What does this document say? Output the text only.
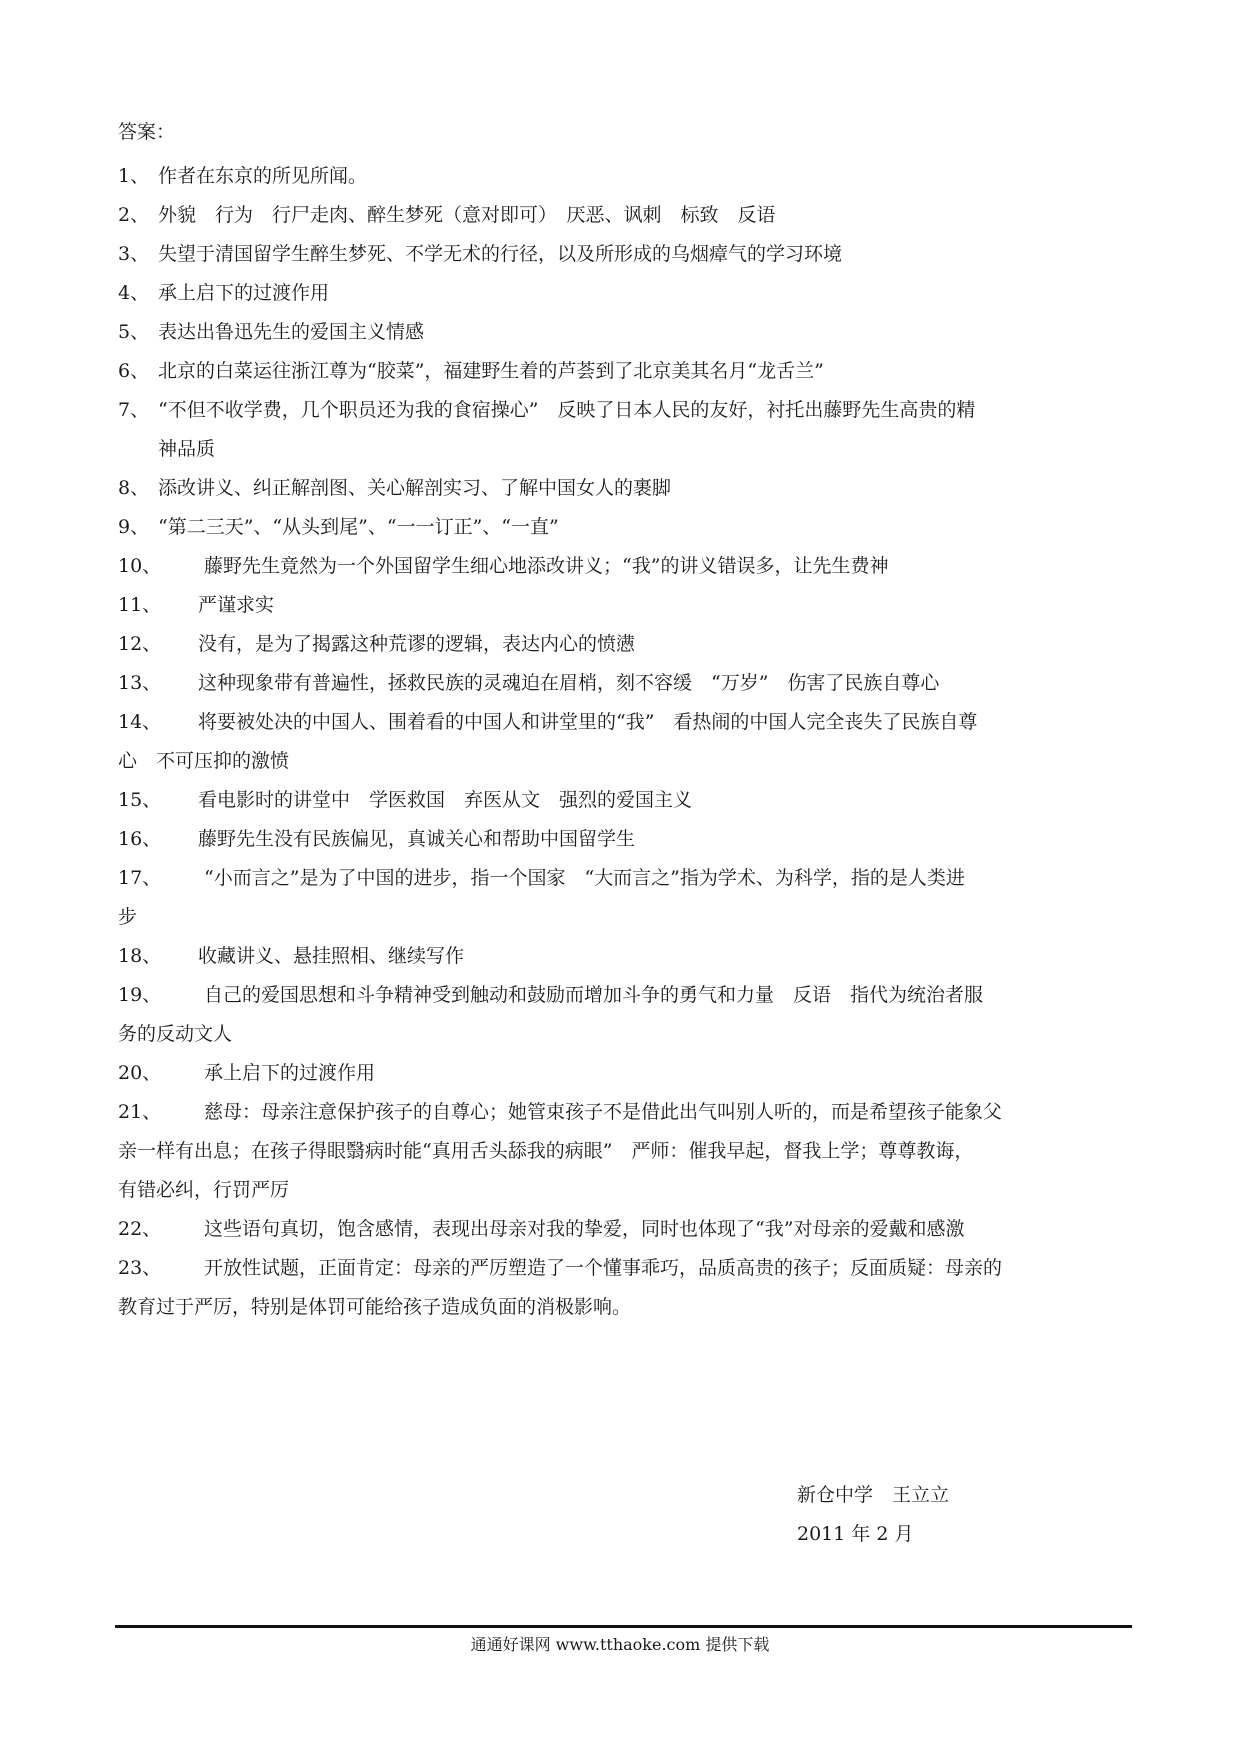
答案：
1、 作者在东京的所见所闻。
2、 外貌　行为　行尸走肉、醉生梦死（意对即可）　厌恶、讽刺　标致　反语
3、 失望于清国留学生醉生梦死、不学无术的行径，以及所形成的乌烟瘴气的学习环境
4、 承上启下的过渡作用
5、 表达出鲁迅先生的爱国主义情感
6、 北京的白菜运往浙江尊为“胶菜”，福建野生着的芦荟到了北京美其名月“龙舌兰”
7、 “不但不收学费，几个职员还为我的食宿操心”　反映了日本人民的友好，衬托出藤野先生高贵的精
神品质
8、 添改讲义、纠正解剖图、关心解剖实习、了解中国女人的裹脚
9、 “第二三天”、“从头到尾”、“一一订正”、“一直”
10、 藤野先生竟然为一个外国留学生细心地添改讲义；“我”的讲义错误多，让先生费神
11、 严谨求实
12、 没有，是为了揭露这种荒谬的逻辑，表达内心的愤懑
13、 这种现象带有普遍性，拯救民族的灵魂迫在眉梢，刻不容缓　“万岁”　伤害了民族自尊心
14、 将要被处决的中国人、围着看的中国人和讲堂里的“我”　看热闹的中国人完全丧失了民族自尊
心　不可压抑的激愤
15、 看电影时的讲堂中　学医救国　弃医从文　强烈的爱国主义
16、 藤野先生没有民族偏见，真诚关心和帮助中国留学生
17、 “小而言之”是为了中国的进步，指一个国家　“大而言之”指为学术、为科学，指的是人类进
步
18、 收藏讲义、悬挂照相、继续写作
19、 自己的爱国思想和斗争精神受到触动和鼓励而增加斗争的勇气和力量　反语　指代为统治者服
务的反动文人
20、 承上启下的过渡作用
21、 慈母：母亲注意保护孩子的自尊心；她管束孩子不是借此出气叫别人听的，而是希望孩子能象父
亲一样有出息；在孩子得眼翳病时能“真用舌头舔我的病眼”　严师：催我早起，督我上学；尊尊教诲，
有错必纠，行罚严厉
22、 这些语句真切，饱含感情，表现出母亲对我的挚爱，同时也体现了“我”对母亲的爱戴和感激
23、 开放性试题，正面肯定：母亲的严厉塑造了一个懂事乖巧，品质高贵的孩子；反面质疑：母亲的
教育过于严厉，特别是体罚可能给孩子造成负面的消极影响。
新仓中学　王立立
2011 年 2 月
通通好课网 www.tthaoke.com 提供下载
